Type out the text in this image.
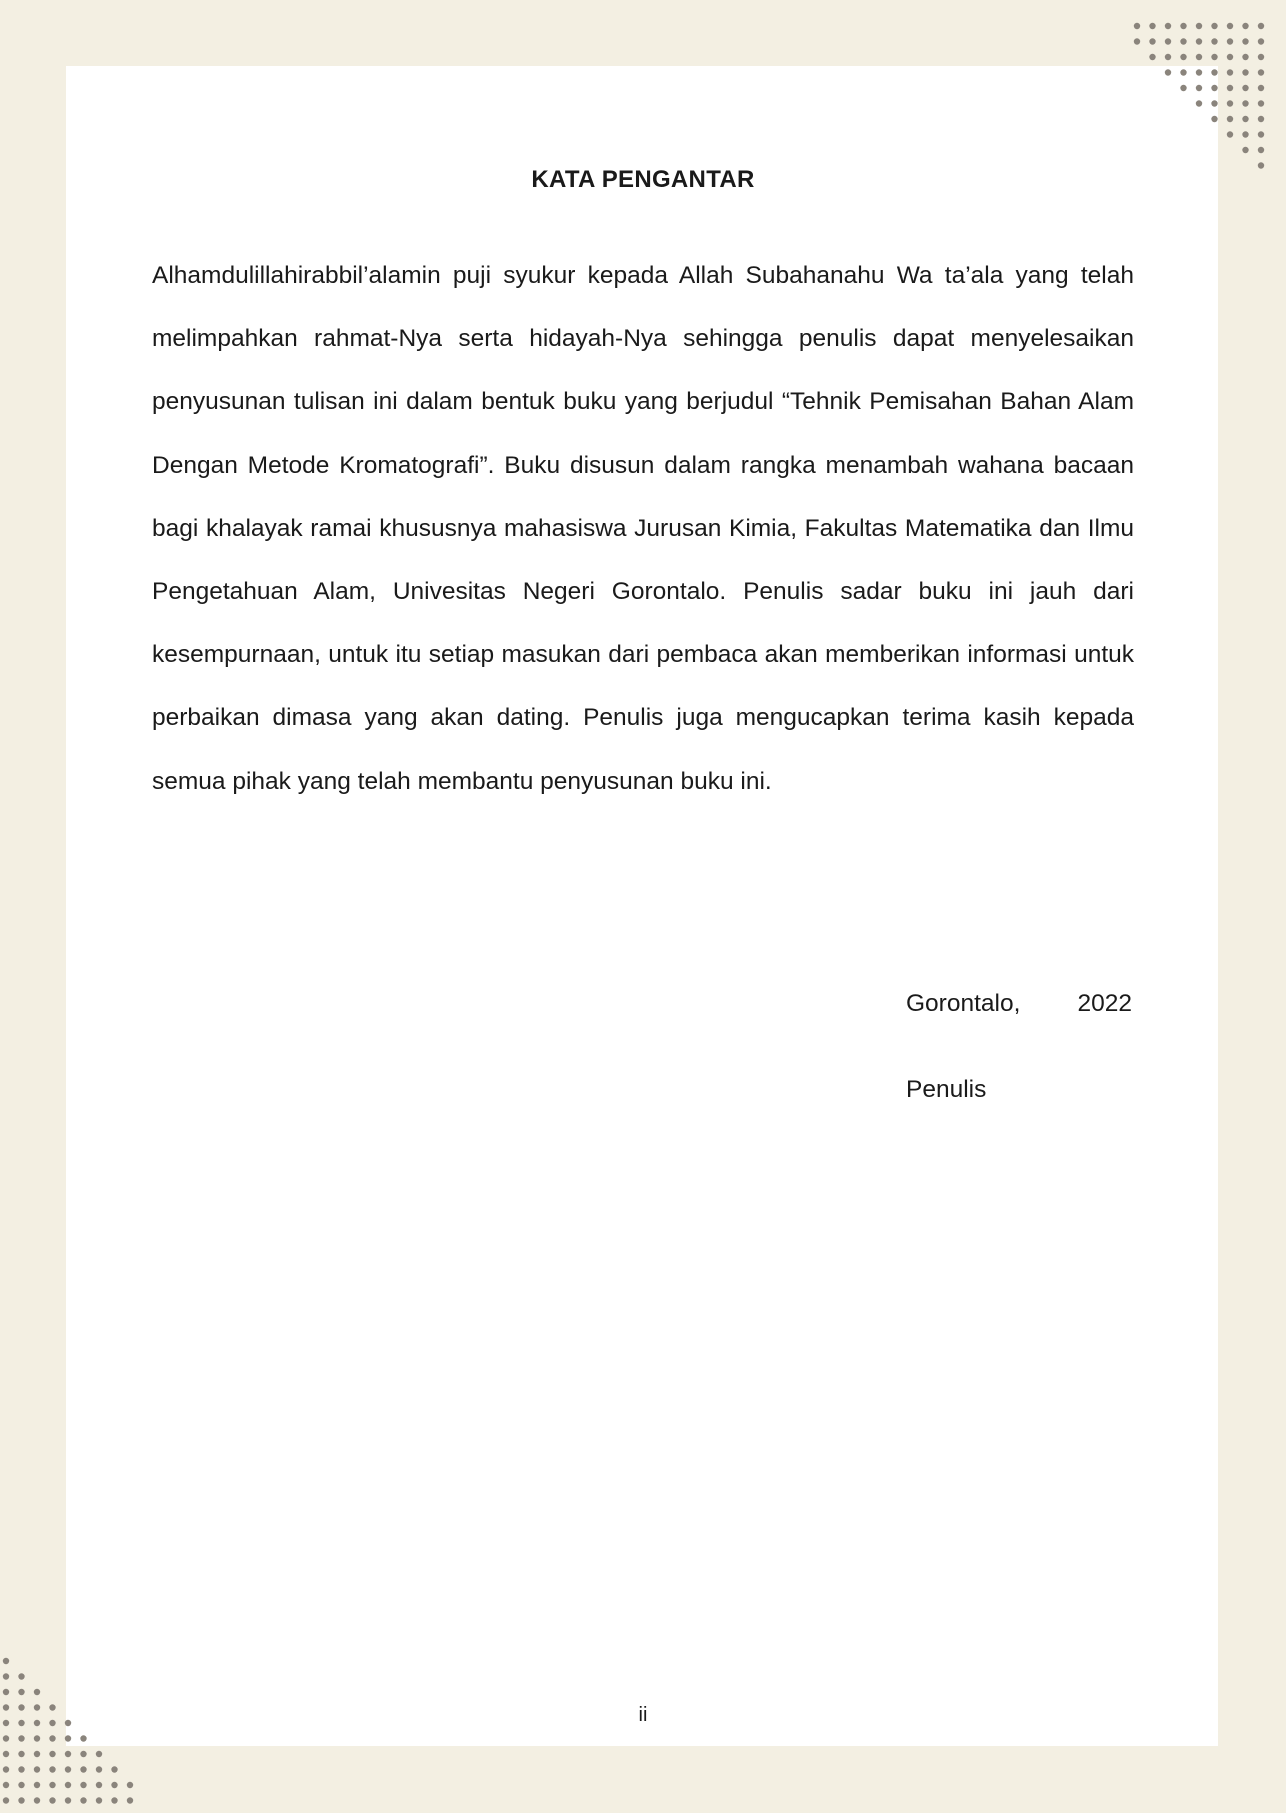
KATA PENGANTAR

Alhamdulillahirabbil’alamin puji syukur kepada Allah Subahanahu Wa ta’ala yang telah melimpahkan rahmat-Nya serta hidayah-Nya sehingga penulis dapat menyelesaikan penyusunan tulisan ini dalam bentuk buku yang berjudul “Tehnik Pemisahan Bahan Alam Dengan Metode Kromatografi”. Buku disusun dalam rangka menambah wahana bacaan bagi khalayak ramai khususnya mahasiswa Jurusan Kimia, Fakultas Matematika dan Ilmu Pengetahuan Alam, Univesitas Negeri Gorontalo. Penulis sadar buku ini jauh dari kesempurnaan, untuk itu setiap masukan dari pembaca akan memberikan informasi untuk perbaikan dimasa yang akan dating. Penulis juga mengucapkan terima kasih kepada semua pihak yang telah membantu penyusunan buku ini.

Gorontalo, 2022
Penulis
ii
